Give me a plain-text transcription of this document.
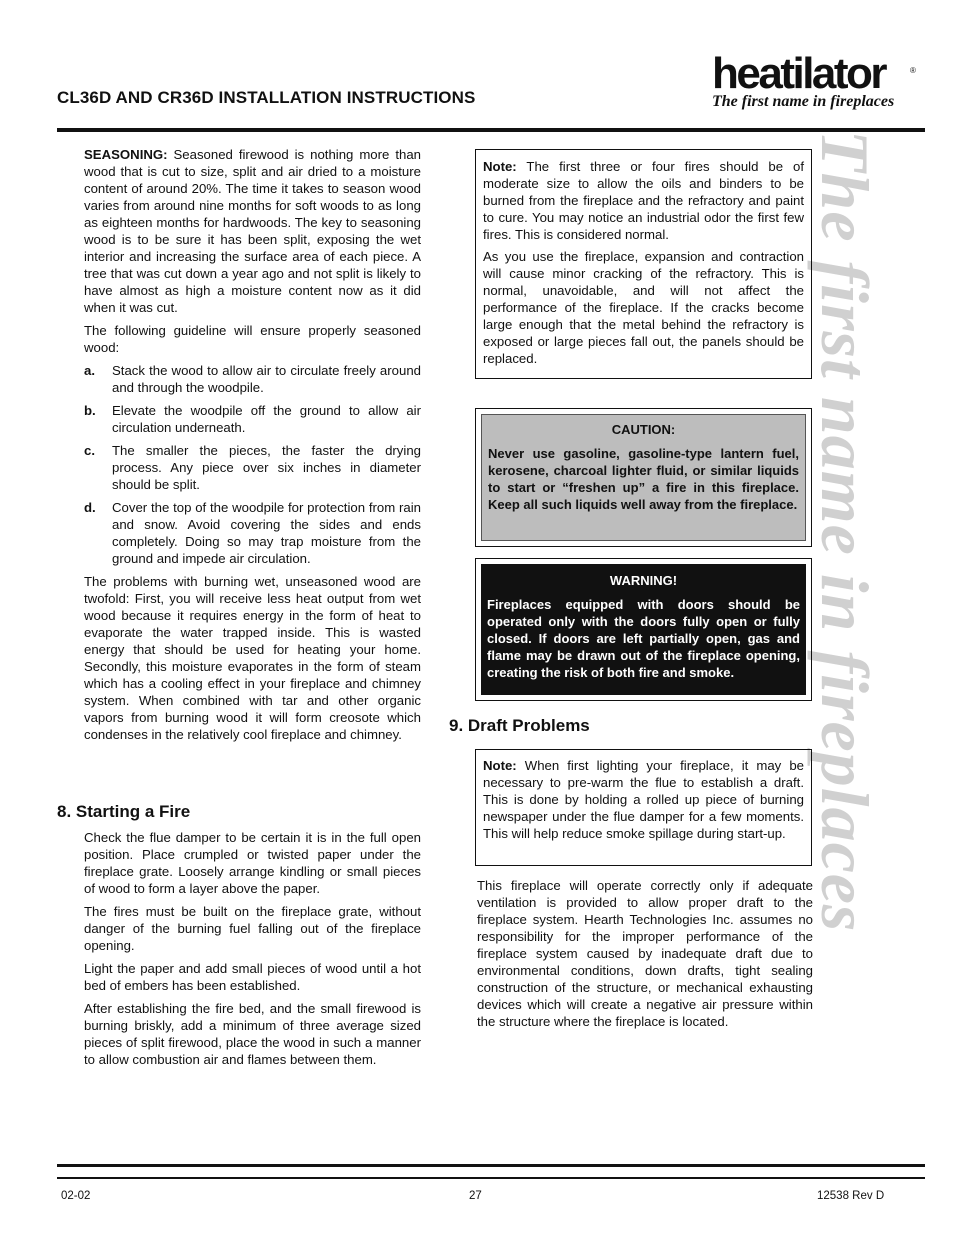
CL36D AND CR36D INSTALLATION INSTRUCTIONS	heatilator	®
The first name in fireplaces
The first name in fireplaces

SEASONING: Seasoned firewood is nothing more than wood that is cut to size, split and air dried to a moisture content of around 20%. The time it takes to season wood varies from around nine months for soft woods to as long as eighteen months for hardwoods. The key to seasoning wood is to be sure it has been split, exposing the wet interior and increasing the surface area of each piece. A tree that was cut down a year ago and not split is likely to have almost as high a moisture content now as it did when it was cut.

The following guideline will ensure properly seasoned wood:

a.	Stack the wood to allow air to circulate freely around and through the woodpile.
b.	Elevate the woodpile off the ground to allow air circulation underneath.
c.	The smaller the pieces, the faster the drying process. Any piece over six inches in diameter should be split.
d.	Cover the top of the woodpile for protection from rain and snow. Avoid covering the sides and ends completely. Doing so may trap moisture from the ground and impede air circulation.

The problems with burning wet, unseasoned wood are twofold: First, you will receive less heat output from wet wood because it requires energy in the form of heat to evaporate the water trapped inside. This is wasted energy that should be used for heating your home. Secondly, this moisture evaporates in the form of steam which has a cooling effect in your fireplace and chimney system. When combined with tar and other organic vapors from burning wood it will form creosote which condenses in the relatively cool fireplace and chimney.

8. Starting a Fire

Check the flue damper to be certain it is in the full open position. Place crumpled or twisted paper under the fireplace grate. Loosely arrange kindling or small pieces of wood to form a layer above the paper.

The fires must be built on the fireplace grate, without danger of the burning fuel falling out of the fireplace opening.

Light the paper and add small pieces of wood until a hot bed of embers has been established.

After establishing the fire bed, and the small firewood is burning briskly, add a minimum of three average sized pieces of split firewood, place the wood in such a manner to allow combustion air and flames between them.

Note: The first three or four fires should be of moderate size to allow the oils and binders to be burned from the fireplace and the refractory and paint to cure. You may notice an industrial odor the first few fires. This is considered normal.

As you use the fireplace, expansion and contraction will cause minor cracking of the refractory. This is normal, unavoidable, and will not affect the performance of the fireplace. If the cracks become large enough that the metal behind the refractory is exposed or large pieces fall out, the panels should be replaced.

CAUTION:
Never use gasoline, gasoline-type lantern fuel, kerosene, charcoal lighter fluid, or similar liquids to start or “freshen up” a fire in this fireplace. Keep all such liquids well away from the fireplace.
WARNING!
Fireplaces equipped with doors should be operated only with the doors fully open or fully closed. If doors are left partially open, gas and flame may be drawn out of the fireplace opening, creating the risk of both fire and smoke.
9. Draft Problems
Note: When first lighting your fireplace, it may be necessary to pre-warm the flue to establish a draft. This is done by holding a rolled up piece of burning newspaper under the flue damper for a few moments. This will help reduce smoke spillage during start-up.
This fireplace will operate correctly only if adequate ventilation is provided to allow proper draft to the fireplace system. Hearth Technologies Inc. assumes no responsibility for the improper performance of the fireplace system caused by inadequate draft due to environmental conditions, down drafts, tight sealing construction of the structure, or mechanical exhausting devices which will create a negative air pressure within the structure where the fireplace is located.
02-02	27	12538 Rev D
